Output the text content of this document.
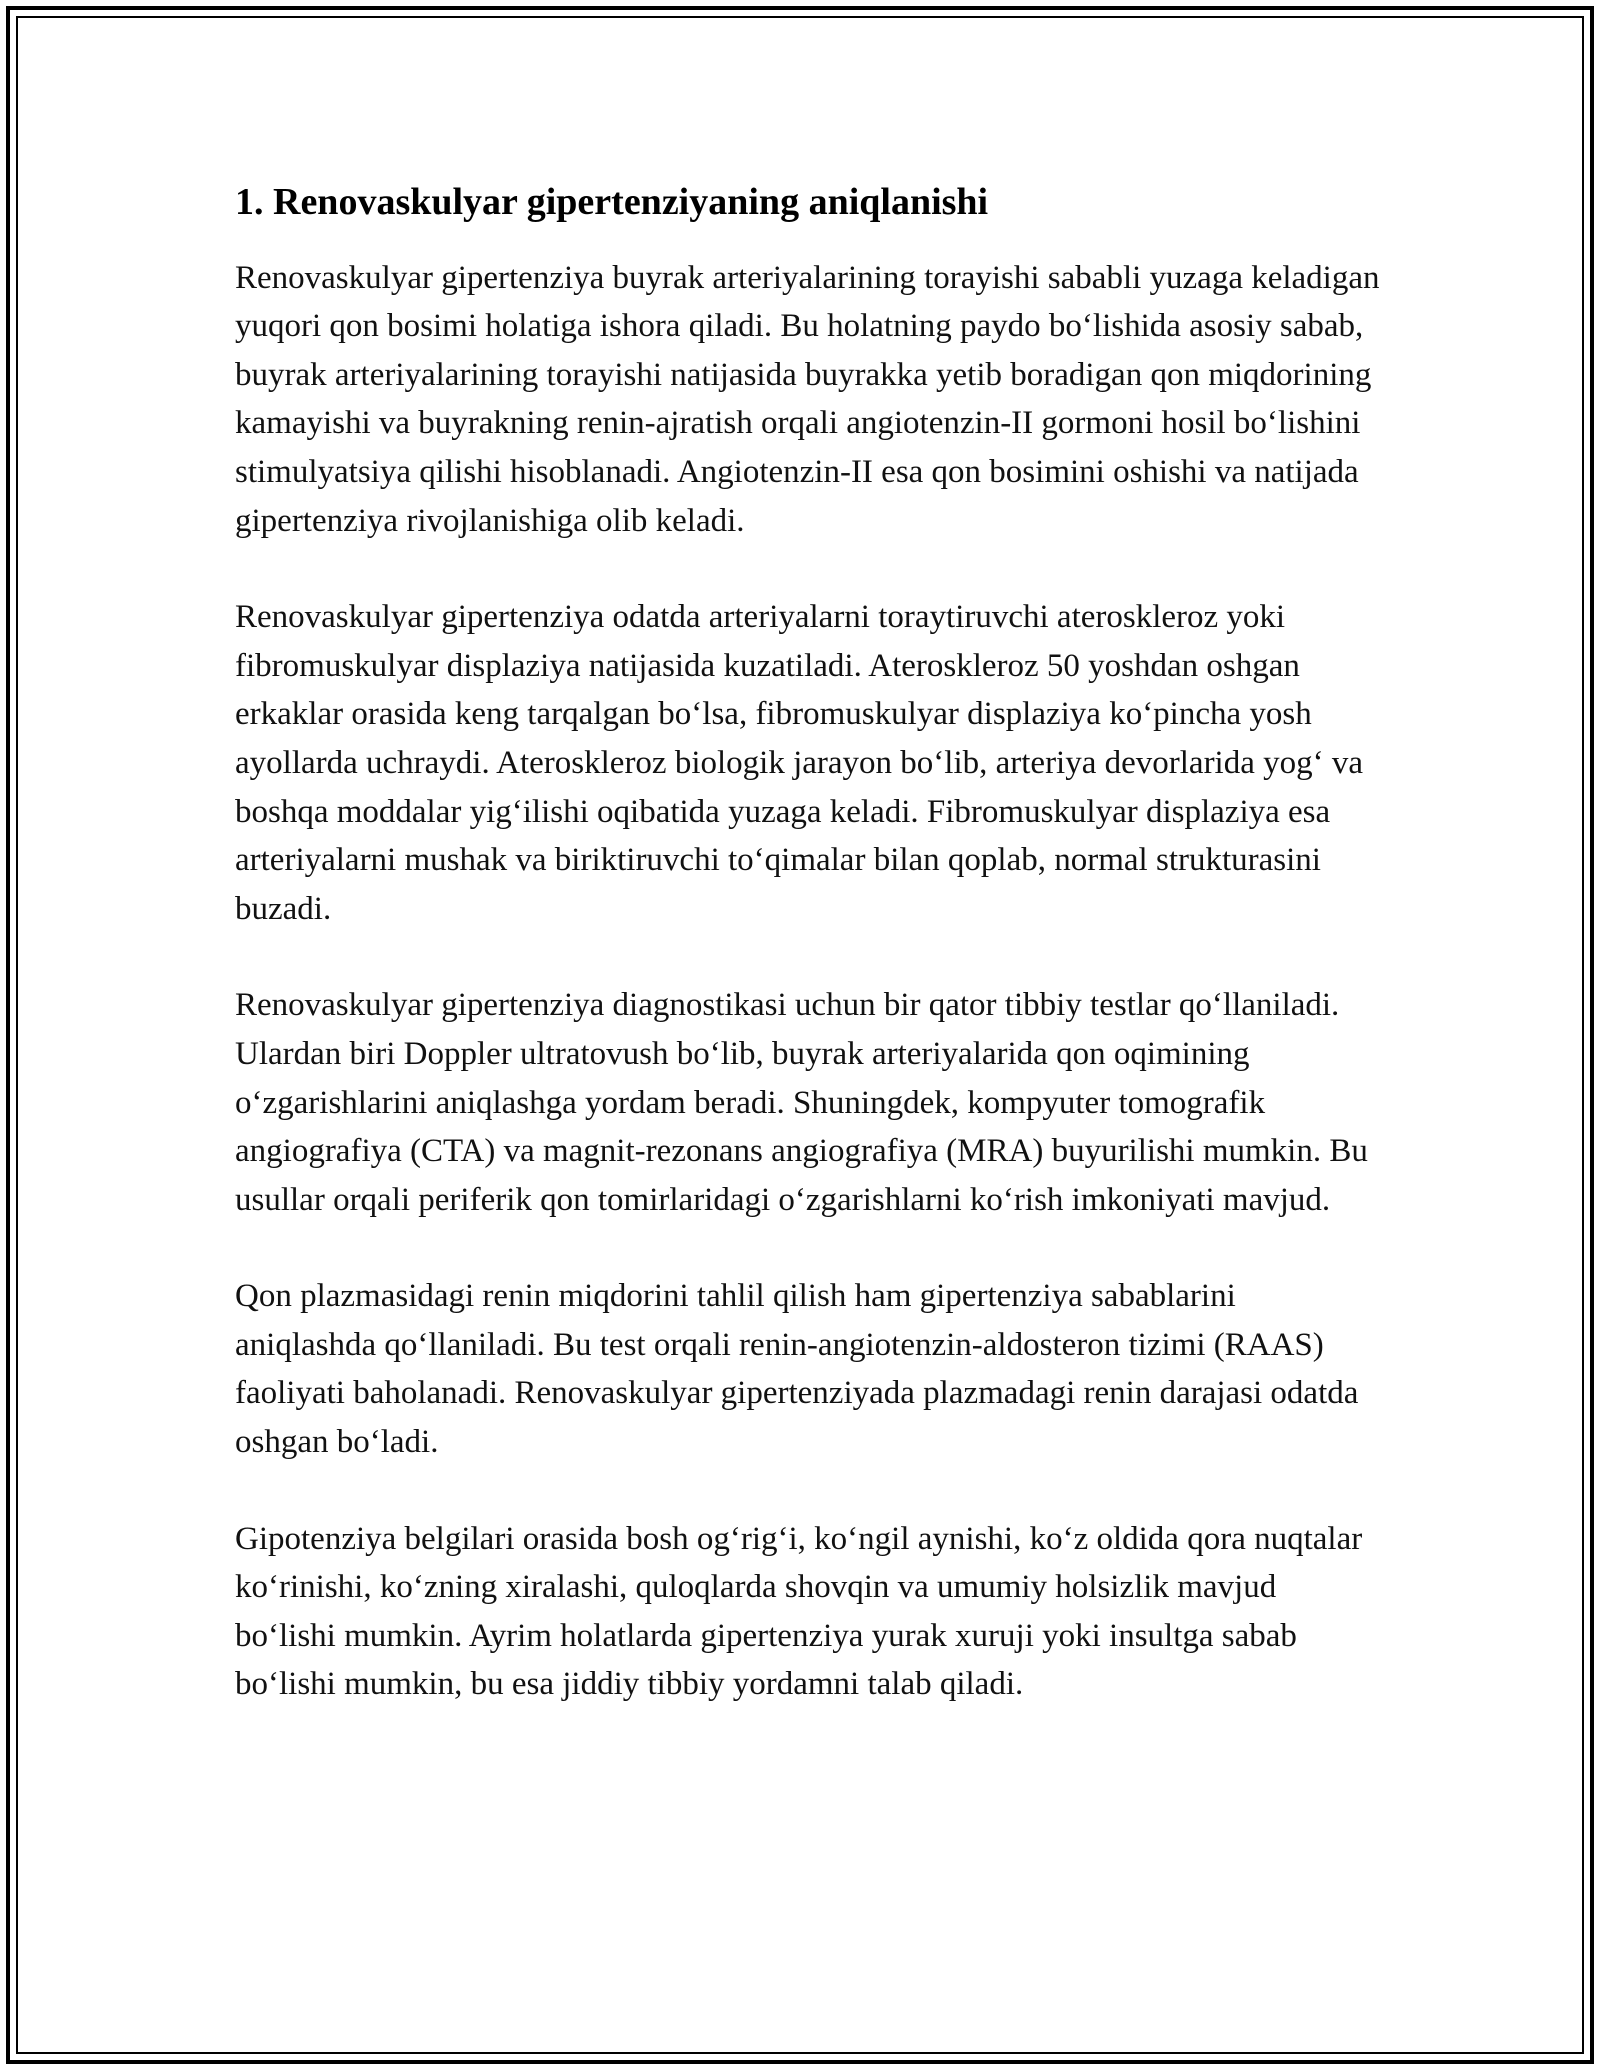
1. Renovaskulyar gipertenziyaning aniqlanishi

Renovaskulyar gipertenziya buyrak arteriyalarining torayishi sababli yuzaga keladigan yuqori qon bosimi holatiga ishora qiladi. Bu holatning paydo bo‘lishida asosiy sabab, buyrak arteriyalarining torayishi natijasida buyrakka yetib boradigan qon miqdorining kamayishi va buyrakning renin-ajratish orqali angiotenzin-II gormoni hosil bo‘lishini stimulyatsiya qilishi hisoblanadi. Angiotenzin-II esa qon bosimini oshishi va natijada gipertenziya rivojlanishiga olib keladi.

Renovaskulyar gipertenziya odatda arteriyalarni toraytiruvchi ateroskleroz yoki fibromuskulyar displaziya natijasida kuzatiladi. Ateroskleroz 50 yoshdan oshgan erkaklar orasida keng tarqalgan bo‘lsa, fibromuskulyar displaziya ko‘pincha yosh ayollarda uchraydi. Ateroskleroz biologik jarayon bo‘lib, arteriya devorlarida yog‘ va boshqa moddalar yig‘ilishi oqibatida yuzaga keladi. Fibromuskulyar displaziya esa arteriyalarni mushak va biriktiruvchi to‘qimalar bilan qoplab, normal strukturasini buzadi.

Renovaskulyar gipertenziya diagnostikasi uchun bir qator tibbiy testlar qo‘llaniladi. Ulardan biri Doppler ultratovush bo‘lib, buyrak arteriyalarida qon oqimining o‘zgarishlarini aniqlashga yordam beradi. Shuningdek, kompyuter tomografik angiografiya (CTA) va magnit-rezonans angiografiya (MRA) buyurilishi mumkin. Bu usullar orqali periferik qon tomirlaridagi o‘zgarishlarni ko‘rish imkoniyati mavjud.

Qon plazmasidagi renin miqdorini tahlil qilish ham gipertenziya sabablarini aniqlashda qo‘llaniladi. Bu test orqali renin-angiotenzin-aldosteron tizimi (RAAS) faoliyati baholanadi. Renovaskulyar gipertenziyada plazmadagi renin darajasi odatda oshgan bo‘ladi.

Gipotenziya belgilari orasida bosh og‘rig‘i, ko‘ngil aynishi, ko‘z oldida qora nuqtalar ko‘rinishi, ko‘zning xiralashi, quloqlarda shovqin va umumiy holsizlik mavjud bo‘lishi mumkin. Ayrim holatlarda gipertenziya yurak xuruji yoki insultga sabab bo‘lishi mumkin, bu esa jiddiy tibbiy yordamni talab qiladi.
